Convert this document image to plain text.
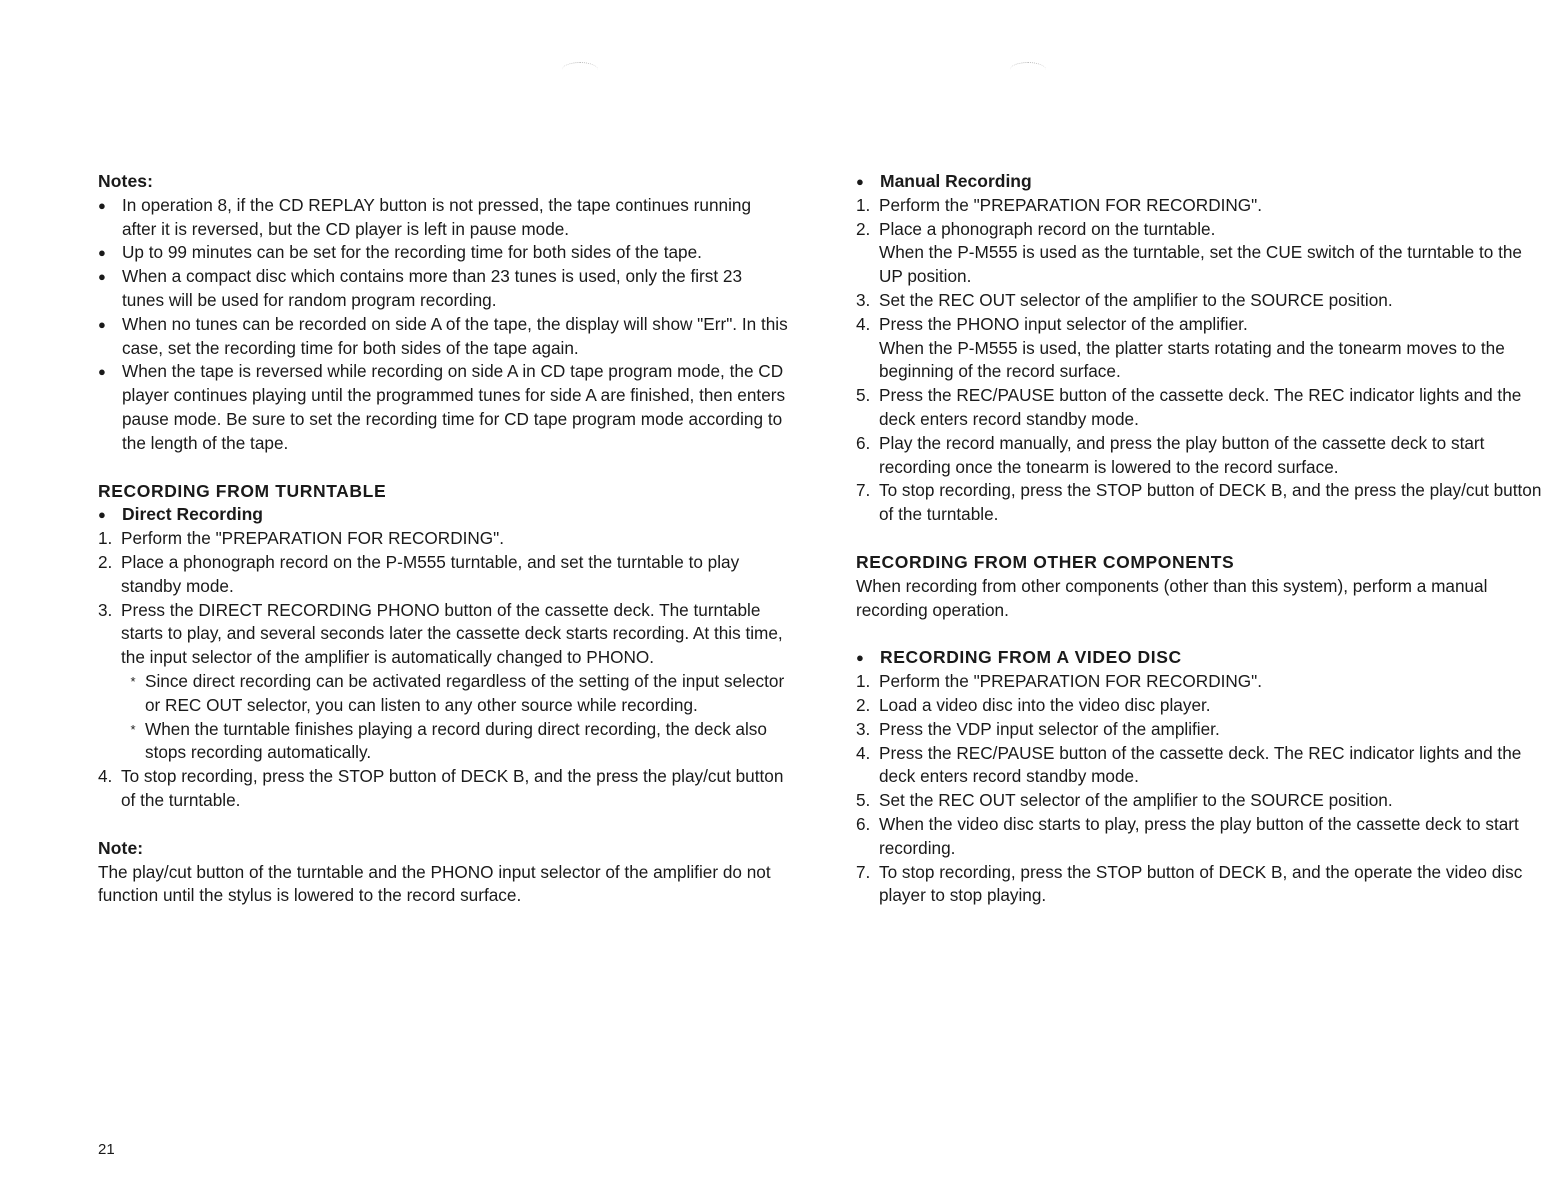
Notes:

● In operation 8, if the CD REPLAY button is not pressed, the tape continues running after it is reversed, but the CD player is left in pause mode.
● Up to 99 minutes can be set for the recording time for both sides of the tape.
● When a compact disc which contains more than 23 tunes is used, only the first 23 tunes will be used for random program recording.
● When no tunes can be recorded on side A of the tape, the display will show "Err". In this case, set the recording time for both sides of the tape again.
● When the tape is reversed while recording on side A in CD tape program mode, the CD player continues playing until the programmed tunes for side A are finished, then enters pause mode. Be sure to set the recording time for CD tape program mode according to the length of the tape.

RECORDING FROM TURNTABLE

● Direct Recording
1. Perform the "PREPARATION FOR RECORDING".
2. Place a phonograph record on the P-M555 turntable, and set the turntable to play standby mode.
3. Press the DIRECT RECORDING PHONO button of the cassette deck. The turntable starts to play, and several seconds later the cassette deck starts recording. At this time, the input selector of the amplifier is automatically changed to PHONO.
* Since direct recording can be activated regardless of the setting of the input selector or REC OUT selector, you can listen to any other source while recording.
* When the turntable finishes playing a record during direct recording, the deck also stops recording automatically.
4. To stop recording, press the STOP button of DECK B, and the press the play/cut button of the turntable.

Note:

The play/cut button of the turntable and the PHONO input selector of the amplifier do not function until the stylus is lowered to the record surface.

● Manual Recording
1. Perform the "PREPARATION FOR RECORDING".
2. Place a phonograph record on the turntable.

When the P-M555 is used as the turntable, set the CUE switch of the turntable to the UP position.

3. Set the REC OUT selector of the amplifier to the SOURCE position.
4. Press the PHONO input selector of the amplifier.

When the P-M555 is used, the platter starts rotating and the tonearm moves to the beginning of the record surface.

5. Press the REC/PAUSE button of the cassette deck. The REC indicator lights and the deck enters record standby mode.
6. Play the record manually, and press the play button of the cassette deck to start recording once the tonearm is lowered to the record surface.
7. To stop recording, press the STOP button of DECK B, and the press the play/cut button of the turntable.

RECORDING FROM OTHER COMPONENTS

When recording from other components (other than this system), perform a manual recording operation.

● RECORDING FROM A VIDEO DISC
1. Perform the "PREPARATION FOR RECORDING".
2. Load a video disc into the video disc player.
3. Press the VDP input selector of the amplifier.
4. Press the REC/PAUSE button of the cassette deck. The REC indicator lights and the deck enters record standby mode.
5. Set the REC OUT selector of the amplifier to the SOURCE position.
6. When the video disc starts to play, press the play button of the cassette deck to start recording.
7. To stop recording, press the STOP button of DECK B, and the operate the video disc player to stop playing.
21
